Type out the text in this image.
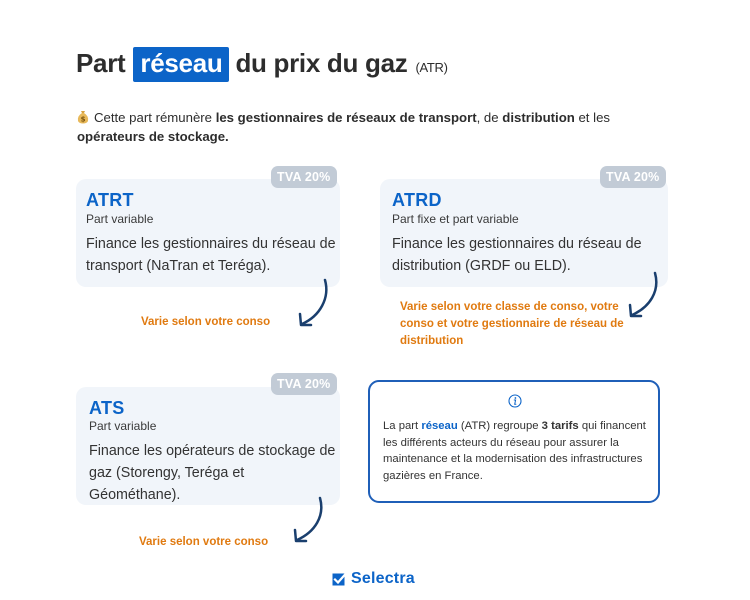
Part réseau du prix du gaz (ATR)
$ Cette part rémunère les gestionnaires de réseaux de transport, de distribution et les
opérateurs de stockage.
ATRT
Part variable
Finance les gestionnaires du réseau de transport (NaTran et Teréga).
TVA 20%
Varie selon votre conso
ATRD
Part fixe et part variable
Finance les gestionnaires du réseau de distribution (GRDF ou ELD).
TVA 20%
Varie selon votre classe de conso, votre conso et votre gestionnaire de réseau de distribution
ATS
Part variable
Finance les opérateurs de stockage de gaz (Storengy, Teréga et Géométhane).
TVA 20%
Varie selon votre conso
La part réseau (ATR) regroupe 3 tarifs qui financent les différents acteurs du réseau pour assurer la maintenance et la modernisation des infrastructures gazières en France.
Selectra
